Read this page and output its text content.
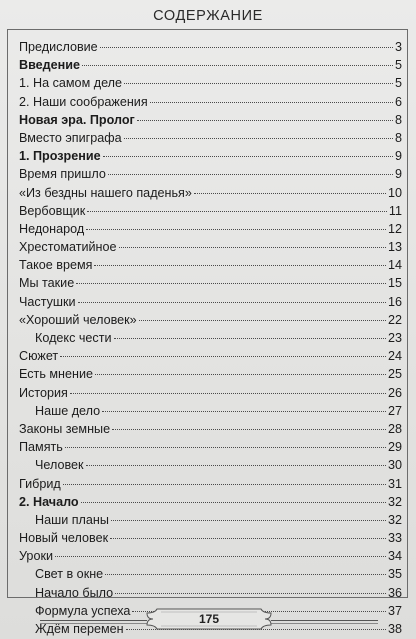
СОДЕРЖАНИЕ
Предисловие	3
Введение	5
1. На самом деле	5
2. Наши соображения	6
Новая эра. Пролог	8
Вместо эпиграфа	8
1. Прозрение	9
Время пришло	9
«Из бездны нашего паденья»	10
Вербовщик	11
Недонарод	12
Хрестоматийное	13
Такое время	14
Мы такие	15
Частушки	16
«Хороший человек»	22
Кодекс чести	23
Сюжет	24
Есть мнение	25
История	26
Наше дело	27
Законы земные	28
Память	29
Человек	30
Гибрид	31
2. Начало	32
Наши планы	32
Новый человек	33
Уроки	34
Свет в окне	35
Начало было	36
Формула успеха	37
Ждём перемен	38
175
